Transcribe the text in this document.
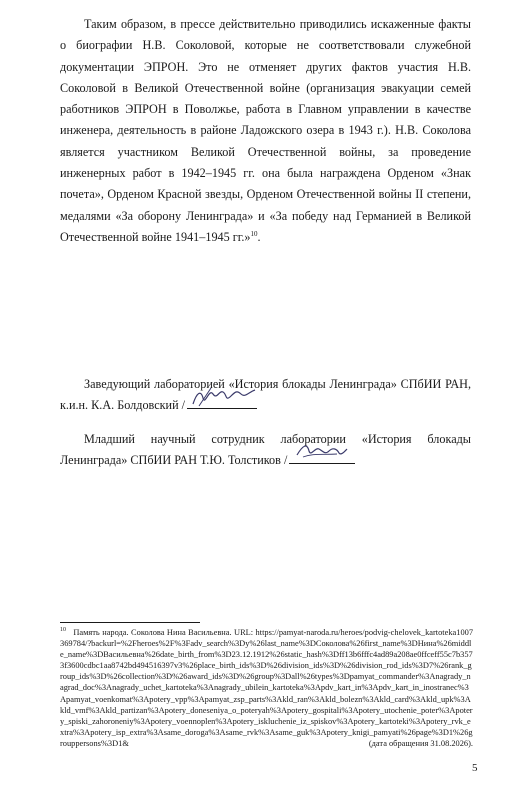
Таким образом, в прессе действительно приводились искаженные факты о биографии Н.В. Соколовой, которые не соответствовали служебной документации ЭПРОН. Это не отменяет других фактов участия Н.В. Соколовой в Великой Отечественной войне (организация эвакуации семей работников ЭПРОН в Поволжье, работа в Главном управлении в качестве инженера, деятельность в районе Ладожского озера в 1943 г.). Н.В. Соколова является участником Великой Отечественной войны, за проведение инженерных работ в 1942–1945 гг. она была награждена Орденом «Знак почета», Орденом Красной звезды, Орденом Отечественной войны II степени, медалями «За оборону Ленинграда» и «За победу над Германией в Великой Отечественной войне 1941–1945 гг.»$^{10}$.

Заведующий лабораторией «История блокады Ленинграда» СПбИИ РАН, к.и.н. К.А. Болдовский /

Младший научный сотрудник лаборатории «История блокады Ленинграда» СПбИИ РАН Т.Ю. Толстиков /

$^{10}$ Память народа. Соколова Нина Васильевна. URL: https://pamyat-naroda.ru/heroes/podvig-chelovek_kartoteka1007369784/?backurl=%2Fheroes%2F%3Fadv_search%3Dy%26last_name%3DСоколова%26first_name%3DНина%26middle_name%3DВасильевна%26date_birth_from%3D23.12.1912%26static_hash%3Dff13b6fffc4ad89a208ae0ffceff55c7b3573f3600cdbc1aa8742bd494516397v3%26place_birth_ids%3D%26division_ids%3D%26division_rod_ids%3D7%26rank_group_ids%3D%26collection%3D%26award_ids%3D%26group%3Dall%26types%3Dpamyat_commander%3Anagrady_nagrad_doc%3Anagrady_uchet_kartoteka%3Anagrady_ubilein_kartoteka%3Apdv_kart_in%3Apdv_kart_in_inostranec%3Apamyat_voenkomat%3Apotery_vpp%3Apamyat_zsp_parts%3Akld_ran%3Akld_bolezn%3Akld_card%3Akld_upk%3Akld_vmf%3Akld_partizan%3Apotery_doneseniya_o_poteryah%3Apotery_gospitali%3Apotery_utochenie_poter%3Apotery_spiski_zahoroneniy%3Apotery_voennoplen%3Apotery_iskluchenie_iz_spiskov%3Apotery_kartoteki%3Apotery_rvk_extra%3Apotery_isp_extra%3Asame_doroga%3Asame_rvk%3Asame_guk%3Apotery_knigi_pamyati%26page%3D1%26grouppersons%3D1&	(дата обращения 31.08.2026).

5
